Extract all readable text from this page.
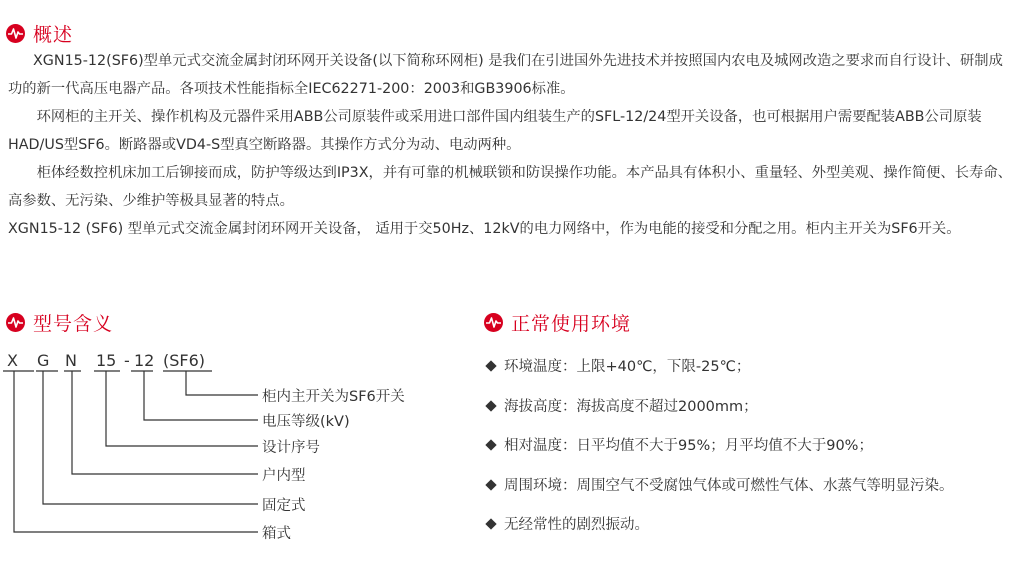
概述

XGN15-12(SF6)型单元式交流金属封闭环网开关设备(以下简称环网柜) 是我们在引进国外先进技术并按照国内农电及城网改造之要求而自行设计、研制成功的新一代高压电器产品。各项技术性能指标全IEC62271-200：2003和GB3906标准。

环网柜的主开关、操作机构及元器件采用ABB公司原装件或采用进口部件国内组装生产的SFL-12/24型开关设备，也可根据用户需要配装ABB公司原装HAD/US型SF6。断路器或VD4-S型真空断路器。其操作方式分为动、电动两种。

柜体经数控机床加工后铆接而成，防护等级达到IP3X，并有可靠的机械联锁和防误操作功能。本产品具有体积小、重量轻、外型美观、操作简便、长寿命、高参数、无污染、少维护等极具显著的特点。

XGN15-12 (SF6) 型单元式交流金属封闭环网开关设备， 适用于交50Hz、12kV的电力网络中，作为电能的接受和分配之用。柜内主开关为SF6开关。

型号含义
X G N 15 - 12 (SF6)
柜内主开关为SF6开关
电压等级(kV)
设计序号
户内型
固定式
箱式
正常使用环境
环境温度：上限+40℃，下限-25℃；
海拔高度：海拔高度不超过2000mm；
相对温度：日平均值不大于95%；月平均值不大于90%；
周围环境：周围空气不受腐蚀气体或可燃性气体、水蒸气等明显污染。
无经常性的剧烈振动。
